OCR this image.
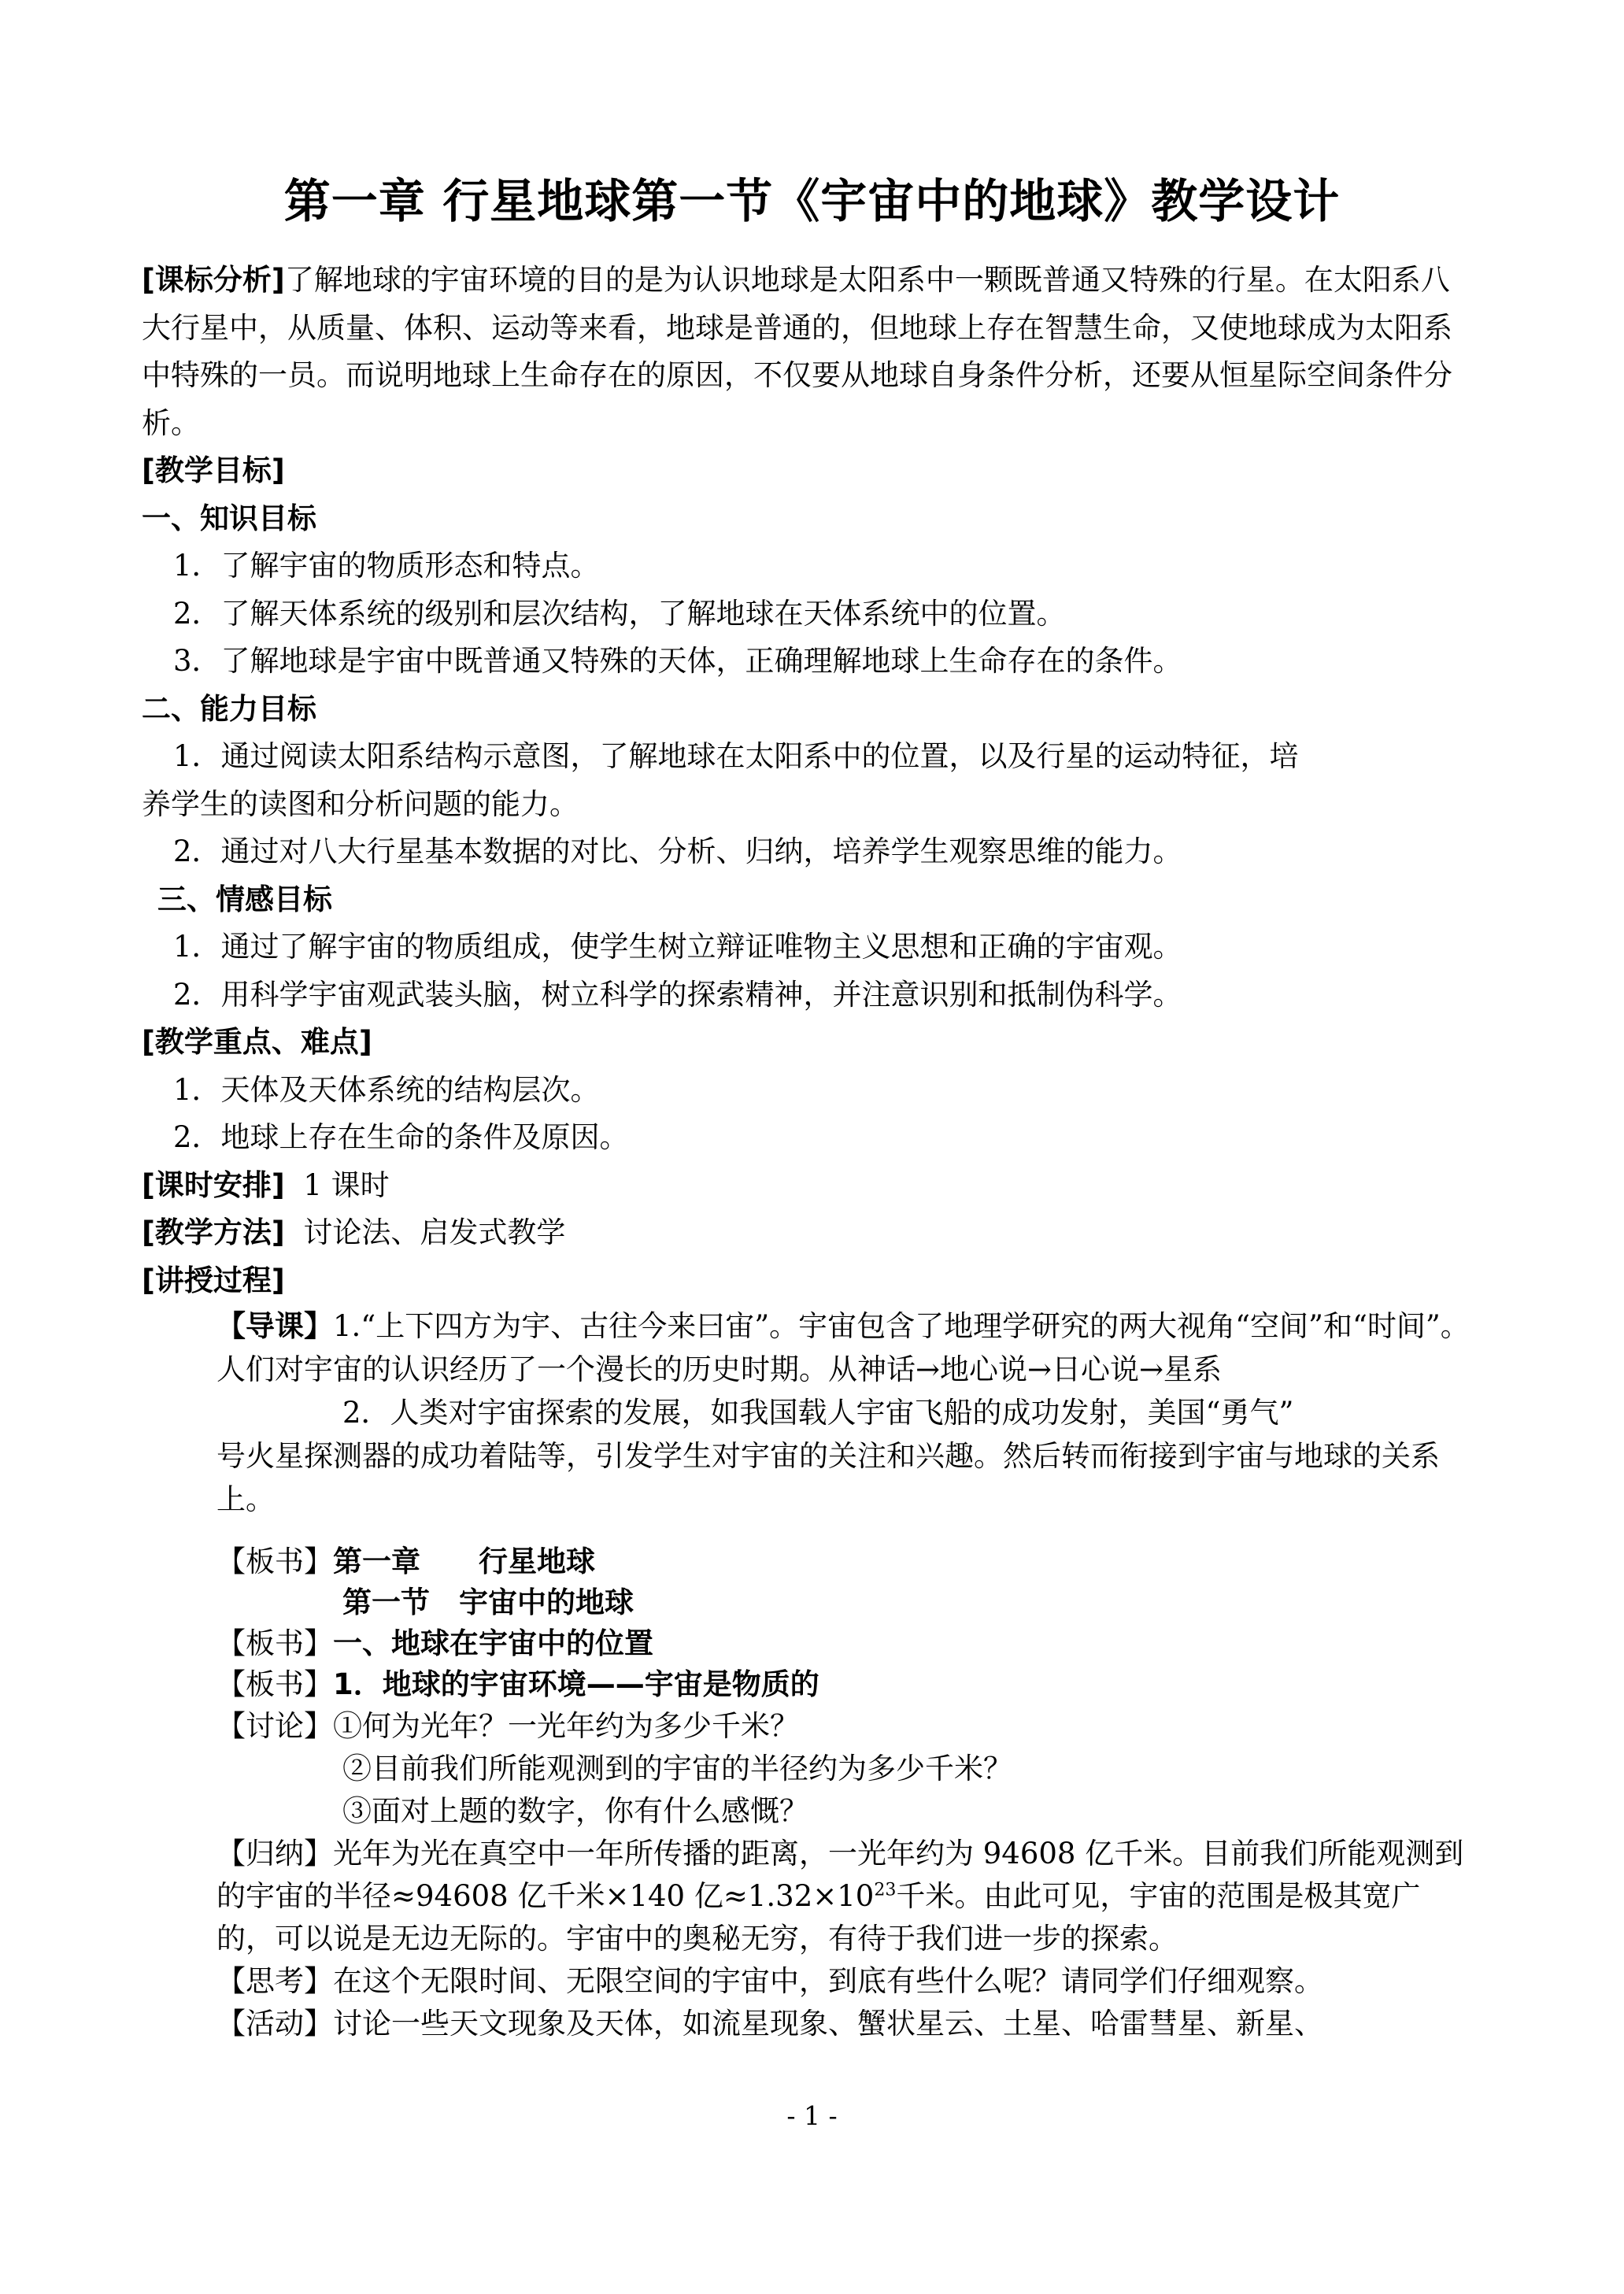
第一章 行星地球第一节《宇宙中的地球》教学设计

[课标分析]了解地球的宇宙环境的目的是为认识地球是太阳系中一颗既普通又特殊的行星。在太阳系八大行星中，从质量、体积、运动等来看，地球是普通的，但地球上存在智慧生命，又使地球成为太阳系中特殊的一员。而说明地球上生命存在的原因，不仅要从地球自身条件分析，还要从恒星际空间条件分析。

[教学目标]

一、知识目标

1．了解宇宙的物质形态和特点。

2．了解天体系统的级别和层次结构，了解地球在天体系统中的位置。

3．了解地球是宇宙中既普通又特殊的天体，正确理解地球上生命存在的条件。

二、能力目标

1．通过阅读太阳系结构示意图，了解地球在太阳系中的位置，以及行星的运动特征，培

养学生的读图和分析问题的能力。

2．通过对八大行星基本数据的对比、分析、归纳，培养学生观察思维的能力。

三、情感目标

1．通过了解宇宙的物质组成，使学生树立辩证唯物主义思想和正确的宇宙观。

2．用科学宇宙观武装头脑，树立科学的探索精神，并注意识别和抵制伪科学。

[教学重点、难点]

1．天体及天体系统的结构层次。

2．地球上存在生命的条件及原因。

[课时安排] 1 课时

[教学方法] 讨论法、启发式教学

[讲授过程]

【导课】1.“上下四方为宇、古往今来曰宙”。宇宙包含了地理学研究的两大视角“空间”和“时间”。人们对宇宙的认识经历了一个漫长的历史时期。从神话→地心说→日心说→星系

2．人类对宇宙探索的发展，如我国载人宇宙飞船的成功发射，美国“勇气”

号火星探测器的成功着陆等，引发学生对宇宙的关注和兴趣。然后转而衔接到宇宙与地球的关系上。

【板书】第一章　　行星地球

第一节　宇宙中的地球

【板书】一、地球在宇宙中的位置

【板书】1．地球的宇宙环境——宇宙是物质的

【讨论】①何为光年？一光年约为多少千米？

②目前我们所能观测到的宇宙的半径约为多少千米？

③面对上题的数字，你有什么感慨？

【归纳】光年为光在真空中一年所传播的距离，一光年约为 94608 亿千米。目前我们所能观测到的宇宙的半径≈94608 亿千米×140 亿$\approx 1.32\times 10^{23}$千米。由此可见，宇宙的范围是极其宽广的，可以说是无边无际的。宇宙中的奥秘无穷，有待于我们进一步的探索。

【思考】在这个无限时间、无限空间的宇宙中，到底有些什么呢？请同学们仔细观察。

【活动】讨论一些天文现象及天体，如流星现象、蟹状星云、土星、哈雷彗星、新星、

- 1 -
